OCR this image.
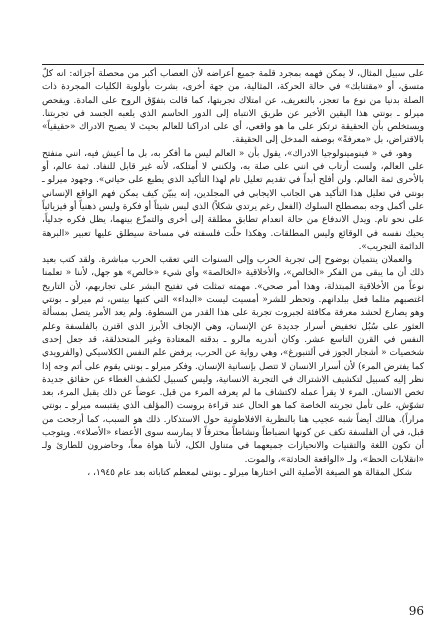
على سبيل المثال، لا يمكن فهمه بمجرد قلمة جميع أعراضه لأن العصاب أكبر من محصلة أجزائه: انه كلٌ متسق، أو «مقتنابك» في حالة الحركة، المثالية، من جهة أخرى، بشرت بأولوية الكليات المجردة ذات الصلة بدنيا من نوع ما تعجز، بالتعريف، عن امتلاك تجربتها، كما قالت بتفوّق الروح على المادة. ويفحص ميرلو ـ بونتي هذا اليقين الأخير عن طريق الانتباه إلى الدور الحاسم الذي يلعبه الجسد في تجربتنا. ويستخلص بأن الحقيقة ترتكز على ما هو واقعي، أي على ادراكنا للعالم بحيث لا يصبح الادراك «حقيقياً» بالاقتراض، بل «معرفةً» بوصفه المدخل إلى الحقيقة.

وهو، في « فينومينولوجيا الادراك»، يقول بأن « العالم ليس ما أفكر به، بل ما أعيش فيه، انني منفتح على العالم، ولست أرتاب في انني على صلة به، ولكنني لا أمتلكه، لأنه غير قابل للنفاد. ثمة عالم، أو بالأحرى ثمة العالم. ولن أفلح أبداً في تقديم تعليل تام لهذا التأكيد الذي يطبع على حياتي». وجهود ميرلو ـ بونتي في تعليل هذا التأكيد هي الجانب الايجابي في المجلدين، إنه يبيّن كيف يمكن فهم الواقع الإنساني على أكمل وجه بمصطلح السلوك (الفعل رغم يرتدي شكلاً) الذي ليس شيئاً أو فكرة وليس ذهنياً أو فيزيائياً على نحو تام. ويدل الاندفاع من حالة انعدام تطابق مطلقة إلى أخرى والتمزّع بينهما، يظل فكره جدلياً، يحيك نفسه في الوقائع وليس المطلقات. وهكذا حلّت فلسفته في مساحة سيطلق عليها تعبير «البرهة الدائمة التجريب».

والعملان ينتميان بوضوح إلى تجربة الحرب وإلى السنوات التي تعقب الحرب مباشرة. ولقد كتب بعيد ذلك أن ما يبقى من الفكر «الخالص»، والأخلاقية «الخالصة» وأي شيء «خالص» هو جهل، لأننا « تعلمنا نوعاً من الأخلاقية المبتذلة، وهذا أمر صحي». مهمته تمثلت في تفتيح البشر على تجاربهم، لأن التاريخ اغتصبهم مثلما فعل ببلدانهم. وتحظر للشر« أمسيت ليست «البداء» التي كتبها بيتس، ثم ميرلو ـ بونتي وهو يصارع لحشد معرفة مكافئة لجبروت تجربة على هذا القدر من السطوة. ولم يعد الأمر يتصل بمسألة العثور على سُبُل تخفيض أسرار جديدة عن الإنسان، وهي الإنجاف الأبرز الذي اقترن بالفلسفة وعلم النفس في القرن التاسع عشر. وكان أندريه مالرو ـ بدقته المعتادة وغير المتحذلقة، قد جعل إحدى شخصيات « أشجار الجوز في ألتنبورغ»، وهي رواية عن الحرب، يرفض علم النفس الكلاسيكي (والفرويدي كما يفترض المرء) لأن أسرار الانسان لا تتصل بإنسانية الإنسان. وفكر ميرلو ـ بونتي يقوم على أتم وجه إذا نظر إليه كسبيل لتكشيف الاشتراك في التجربة الانسانية، وليس كسبيل لكشف الغطاء عن حقائق جديدة تخص الانسان. المرء لا يقرأ عمله لاكتشاف ما لم يعرفه المرء من قبل. عوضاً عن ذلك يقبل المرء، بعد تشوّش، على تأمل تجربته الخاصة كما هو الحال عند قراءة بروست (المؤلف الذي يقتبسه ميرلو ـ بونتي مراراً). هنالك أيضاً شبه عجيب هنا بالنظرية الافلاطونية حول الاستذكار. ذلك هو السبب، كما أرجحت من قبل، في أن الفلسفة تكف عن كونها انضباطاً ونشاطاً محترفاً لا يمارسه سوى الأعضاء «الأصلاء». ويتوجب أن تكون اللغة والتقنيات والانحيازات جميعهما في متناول الكل، لأننا هواة معاً، وحاضرون للطارئ ولـ «انقلابات الحظ»، ولـ «الواقعة الحادثة»، والموت.

شكل المقالة هو الصيغة الأصلية التي اختارها ميرلو ـ بونتي لمعظم كتاباته بعد عام ١٩٤٥، ،

96
